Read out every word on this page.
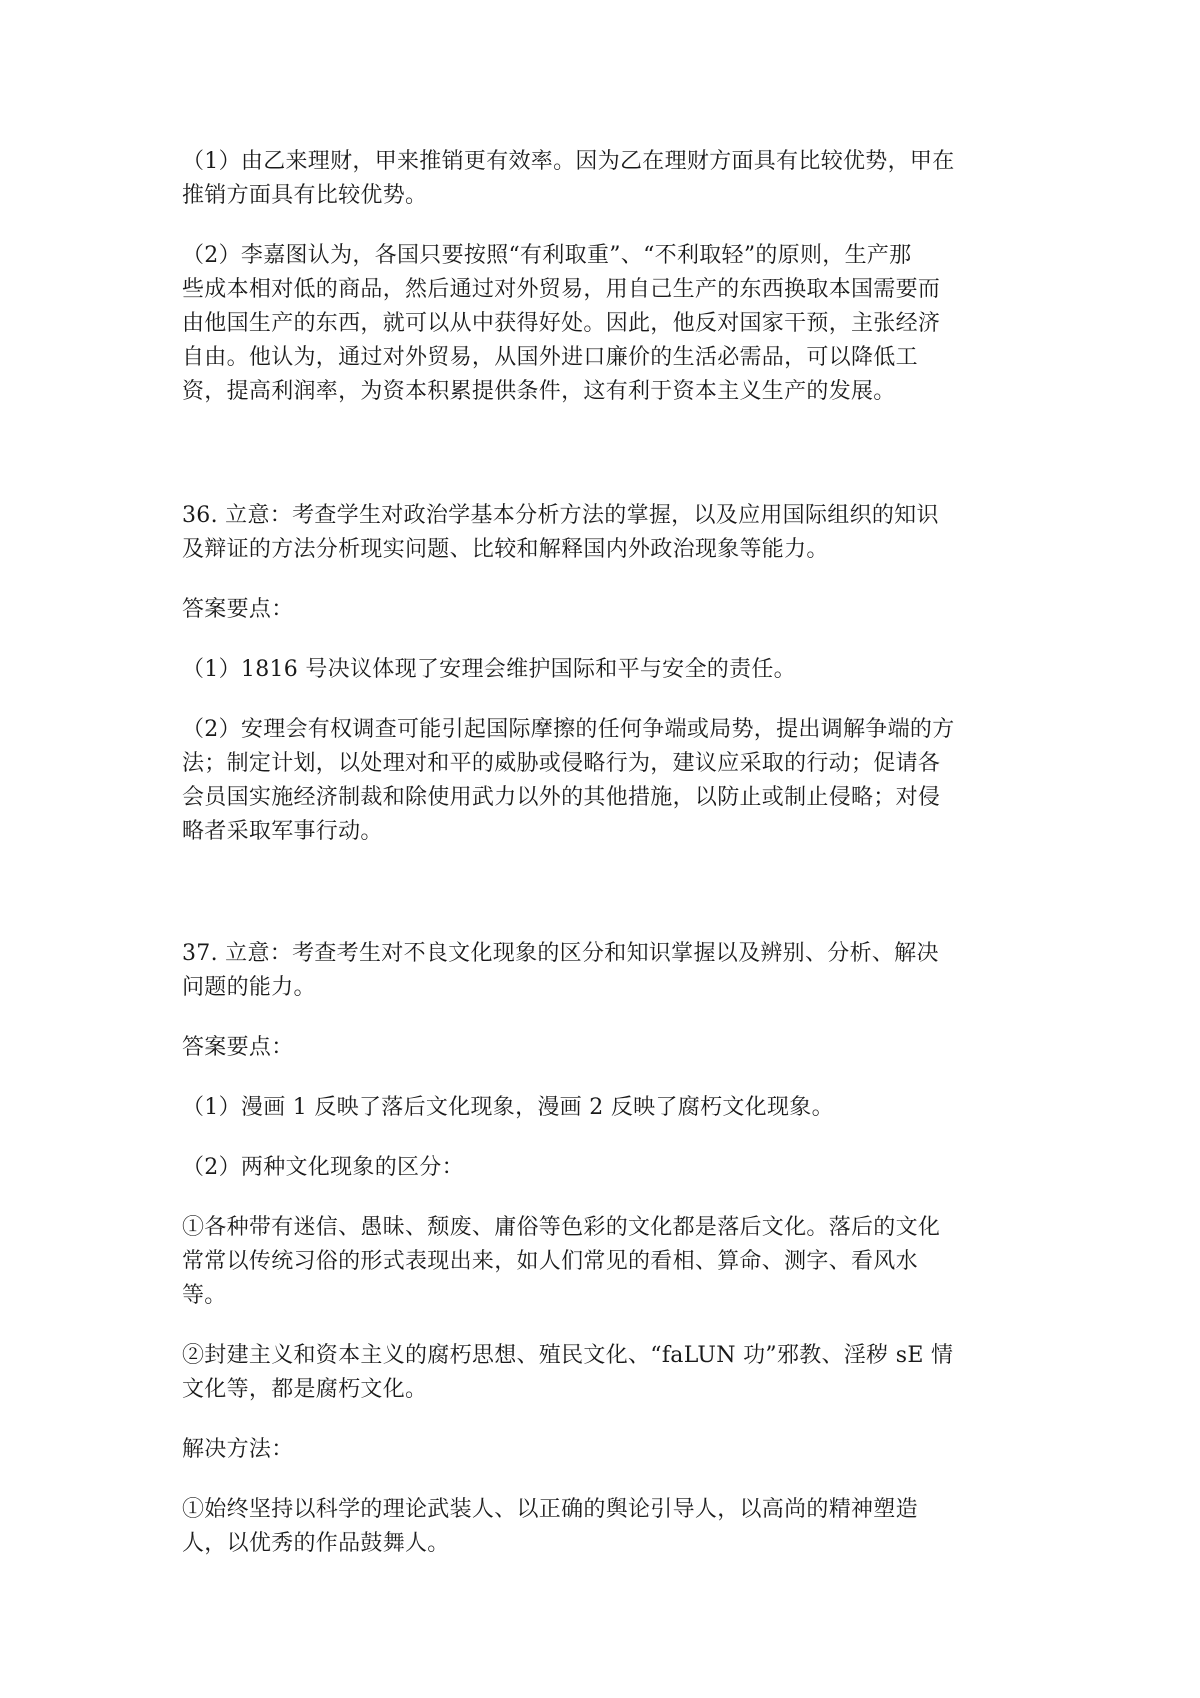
（1）由乙来理财，甲来推销更有效率。因为乙在理财方面具有比较优势，甲在

推销方面具有比较优势。

（2）李嘉图认为，各国只要按照“有利取重”、“不利取轻”的原则，生产那

些成本相对低的商品，然后通过对外贸易，用自己生产的东西换取本国需要而

由他国生产的东西，就可以从中获得好处。因此，他反对国家干预，主张经济

自由。他认为，通过对外贸易，从国外进口廉价的生活必需品，可以降低工

资，提高利润率，为资本积累提供条件，这有利于资本主义生产的发展。

36. 立意：考查学生对政治学基本分析方法的掌握，以及应用国际组织的知识

及辩证的方法分析现实问题、比较和解释国内外政治现象等能力。

答案要点：

（1）1816 号决议体现了安理会维护国际和平与安全的责任。

（2）安理会有权调查可能引起国际摩擦的任何争端或局势，提出调解争端的方

法；制定计划，以处理对和平的威胁或侵略行为，建议应采取的行动；促请各

会员国实施经济制裁和除使用武力以外的其他措施，以防止或制止侵略；对侵

略者采取军事行动。

37. 立意：考查考生对不良文化现象的区分和知识掌握以及辨别、分析、解决

问题的能力。

答案要点：

（1）漫画 1 反映了落后文化现象，漫画 2 反映了腐朽文化现象。

（2）两种文化现象的区分：

①各种带有迷信、愚昧、颓废、庸俗等色彩的文化都是落后文化。落后的文化

常常以传统习俗的形式表现出来，如人们常见的看相、算命、测字、看风水

等。

②封建主义和资本主义的腐朽思想、殖民文化、“faLUN 功”邪教、淫秽 sE 情

文化等，都是腐朽文化。

解决方法：

①始终坚持以科学的理论武装人、以正确的舆论引导人，以高尚的精神塑造

人，以优秀的作品鼓舞人。
